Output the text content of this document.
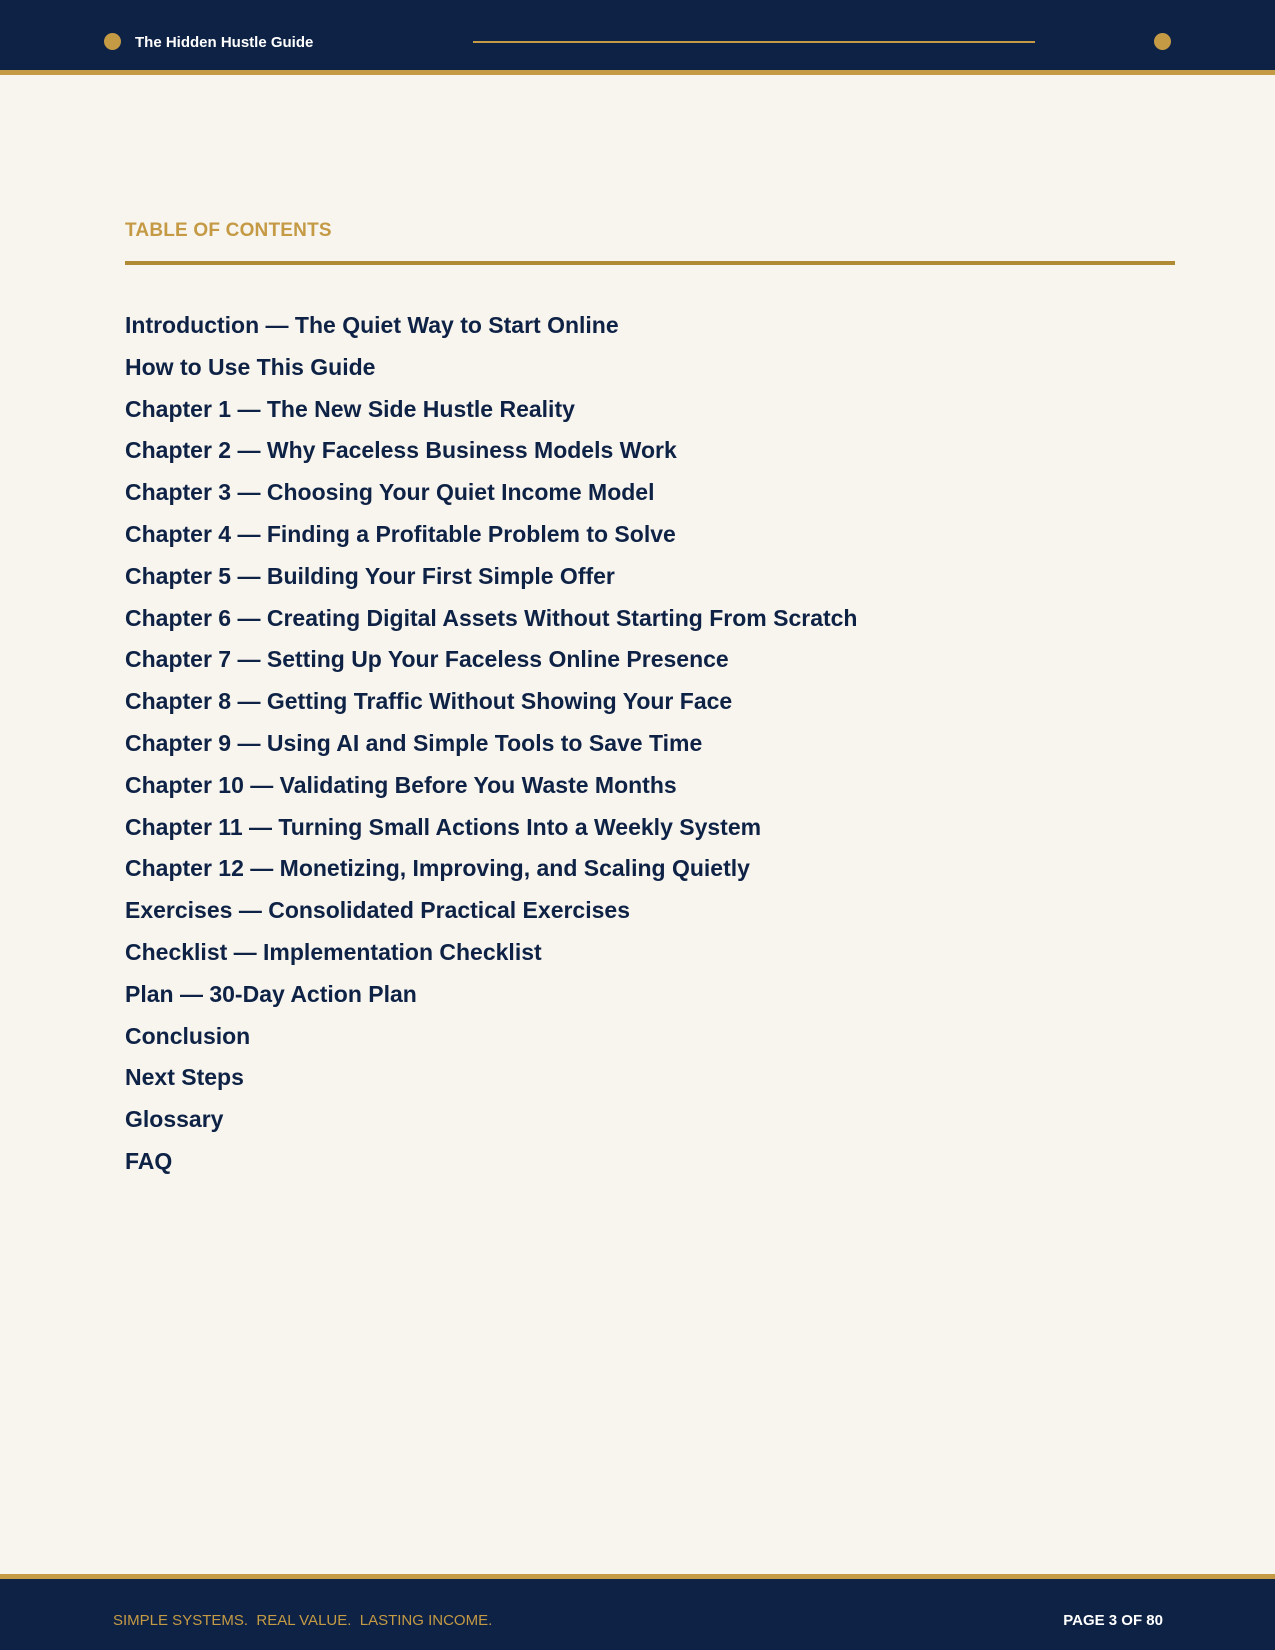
The Hidden Hustle Guide
TABLE OF CONTENTS
Introduction — The Quiet Way to Start Online
How to Use This Guide
Chapter 1 — The New Side Hustle Reality
Chapter 2 — Why Faceless Business Models Work
Chapter 3 — Choosing Your Quiet Income Model
Chapter 4 — Finding a Profitable Problem to Solve
Chapter 5 — Building Your First Simple Offer
Chapter 6 — Creating Digital Assets Without Starting From Scratch
Chapter 7 — Setting Up Your Faceless Online Presence
Chapter 8 — Getting Traffic Without Showing Your Face
Chapter 9 — Using AI and Simple Tools to Save Time
Chapter 10 — Validating Before You Waste Months
Chapter 11 — Turning Small Actions Into a Weekly System
Chapter 12 — Monetizing, Improving, and Scaling Quietly
Exercises — Consolidated Practical Exercises
Checklist — Implementation Checklist
Plan — 30-Day Action Plan
Conclusion
Next Steps
Glossary
FAQ
SIMPLE SYSTEMS.  REAL VALUE.  LASTING INCOME.	PAGE 3 OF 80
